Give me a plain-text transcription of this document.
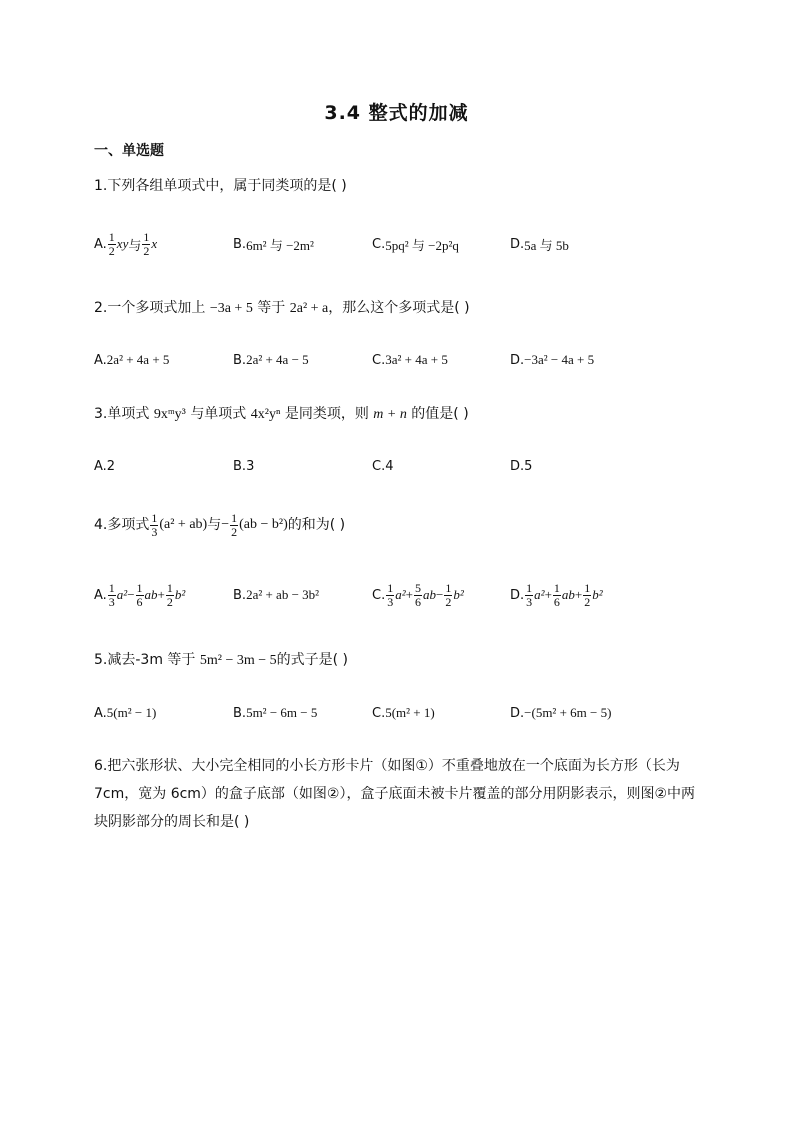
3.4 整式的加减
一、单选题
1.下列各组单项式中，属于同类项的是( )
A. $\frac{1}{2}$ xy 与 $\frac{1}{2}$ x	B. 6m² 与 −2m²	C. 5pq² 与 −2p²q	D. 5a 与 5b
2.一个多项式加上 −3a + 5 等于 2a² + a，那么这个多项式是( )
A. 2a² + 4a + 5	B. 2a² + 4a − 5	C. 3a² + 4a + 5	D. −3a² − 4a + 5
3.单项式 9xᵐy³ 与单项式 4x²yⁿ 是同类项，则 m + n 的值是( )
A. 2	B. 3	C. 4	D. 5
4.多项式 $\frac{1}{3} (a^2 + ab)$ 与 − $\frac{1}{2} (ab - b^2)$ 的和为( )
A. $\frac{1}{3} a^2 - \frac{1}{6}$ ab + $\frac{1}{2} b^2$	B. 2a² + ab − 3b²	C. $\frac{1}{3} a^2 + \frac{5}{6}$ ab − $\frac{1}{2} b^2$	D. $\frac{1}{3} a^2 + \frac{1}{6}$ ab + $\frac{1}{2} b^2$
5.减去-3m 等于 5m² − 3m − 5的式子是( )
A. 5(m² − 1)	B. 5m² − 6m − 5	C. 5(m² + 1)	D. −(5m² + 6m − 5)
6.把六张形状、大小完全相同的小长方形卡片（如图①）不重叠地放在一个底面为长方形（长为 7cm，宽为 6cm）的盒子底部（如图②），盒子底面未被卡片覆盖的部分用阴影表示，则图②中两块阴影部分的周长和是( )
